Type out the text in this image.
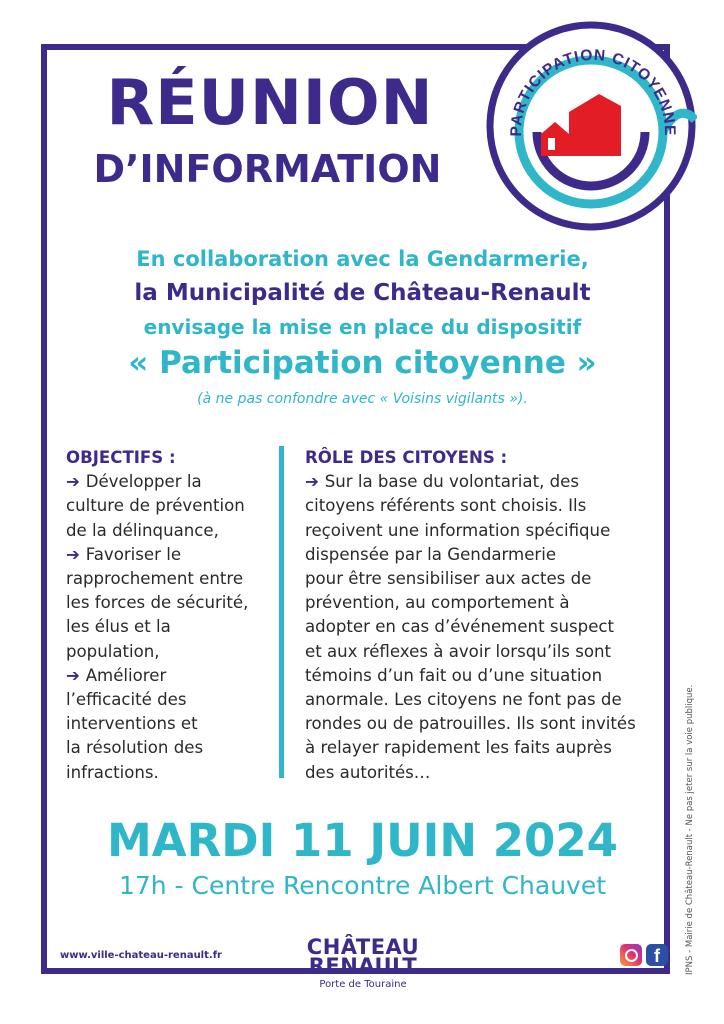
RÉUNION
D’INFORMATION
PARTICIPATION CITOYENNE
En collaboration avec la Gendarmerie,
la Municipalité de Château-Renault
envisage la mise en place du dispositif
« Participation citoyenne »
(à ne pas confondre avec « Voisins vigilants »).
OBJECTIFS :
➔ Développer la
culture de prévention
de la délinquance,
➔ Favoriser le
rapprochement entre
les forces de sécurité,
les élus et la
population,
➔ Améliorer
l’efficacité des
interventions et
la résolution des
infractions.
RÔLE DES CITOYENS :
➔ Sur la base du volontariat, des
citoyens référents sont choisis. Ils
reçoivent une information spécifique
dispensée par la Gendarmerie
pour être sensibiliser aux actes de
prévention, au comportement à
adopter en cas d’événement suspect
et aux réflexes à avoir lorsqu’ils sont
témoins d’un fait ou d’une situation
anormale. Les citoyens ne font pas de
rondes ou de patrouilles. Ils sont invités
à relayer rapidement les faits auprès
des autorités…
MARDI 11 JUIN 2024
17h - Centre Rencontre Albert Chauvet
www.ville-chateau-renault.fr	CHÂTEAU
RENAULT
Porte de Touraine
f	IPNS - Mairie de Château-Renault - Ne pas jeter sur la voie publique.
